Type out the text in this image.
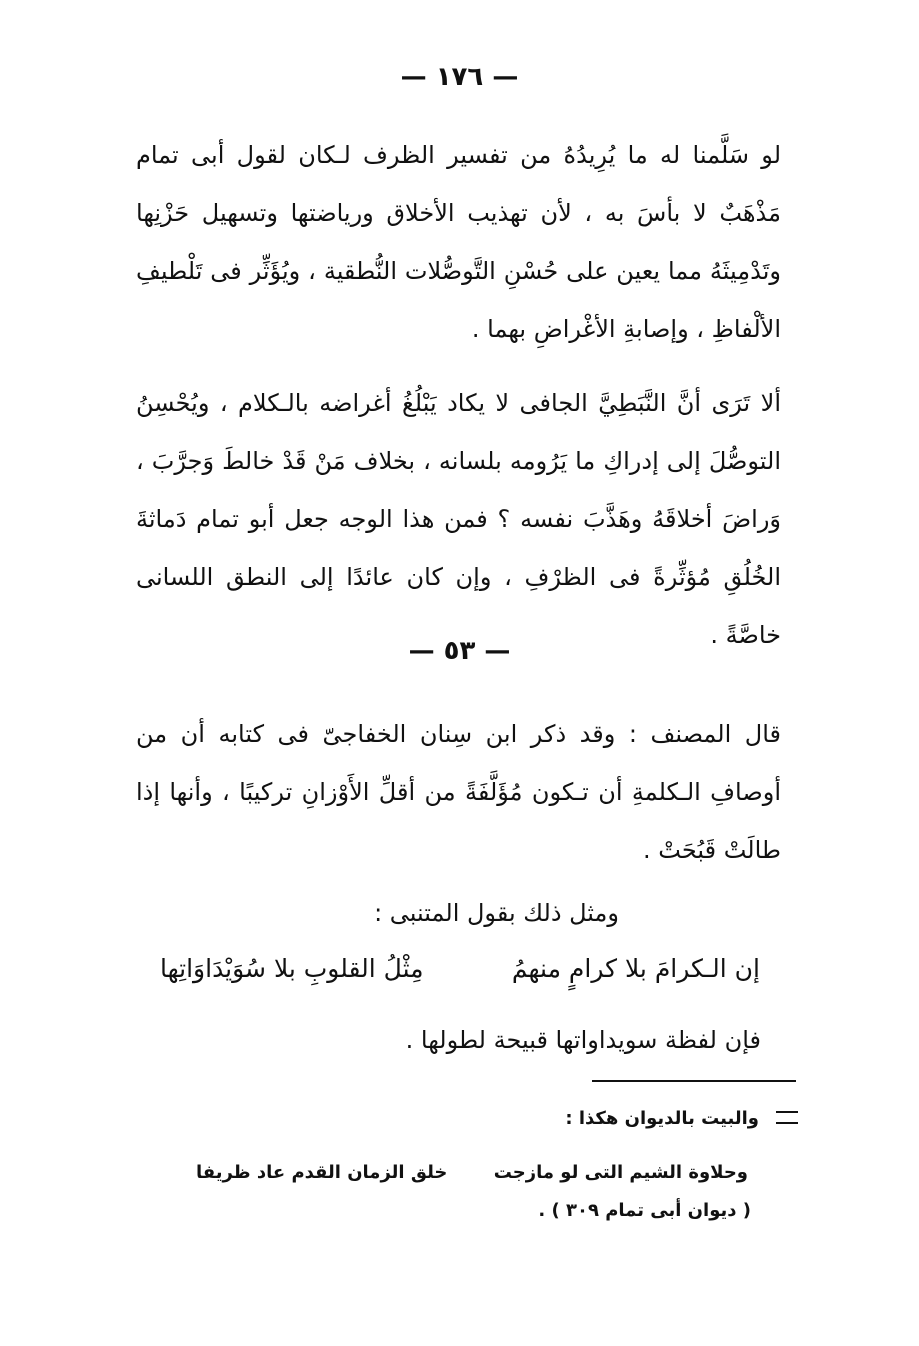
— ١٧٦ —
لو سَلَّمنا له ما يُرِيدُهُ من تفسير الظرف لـكان لقول أبى تمام مَذْهَبٌ لا بأسَ به ، لأن تهذيب الأخلاق ورياضتها وتسهيل حَزْنِها وتَدْمِيثَهُ مما يعين على حُسْنِ التَّوصُّلات النُّطقية ، ويُؤَثِّر فى تَلْطيفِ الألْفاظِ ، وإصابةِ الأغْراضِ بهما .
ألا تَرَى أنَّ النَّبَطِيَّ الجافى لا يكاد يَبْلُغُ أغراضه بالـكلام ، ويُحْسِنُ التوصُّلَ إلى إدراكِ ما يَرُومه بلسانه ، بخلاف مَنْ قَدْ خالطَ وَجرَّبَ ، وَراضَ أخلاقَهُ وهَذَّبَ نفسه ؟ فمن هذا الوجه جعل أبو تمام دَماثةَ الخُلُقِ مُؤثِّرةً فى الظرْفِ ، وإن كان عائدًا إلى النطق اللسانى خاصَّةً .
— ٥٣ —
قال المصنف : وقد ذكر ابن سِنان الخفاجىّ فى كتابه أن من أوصافِ الـكلمةِ أن تـكون مُؤَلَّفَةً من أقلِّ الأَوْزانِ تركيبًا ، وأنها إذا طالَتْ قَبُحَتْ .
ومثل ذلك بقول المتنبى :
إن الـكرامَ بلا كرامٍ منهمُ
مِثْلُ القلوبِ بلا سُوَيْدَاوَاتِها
فإن لفظة سويداواتها قبيحة لطولها .
والبيت بالديوان هكذا :
وحلاوة الشيم التى لو مازجت
خلق الزمان القدم عاد ظريفا
( ديوان أبى تمام ٣٠٩ ) .
